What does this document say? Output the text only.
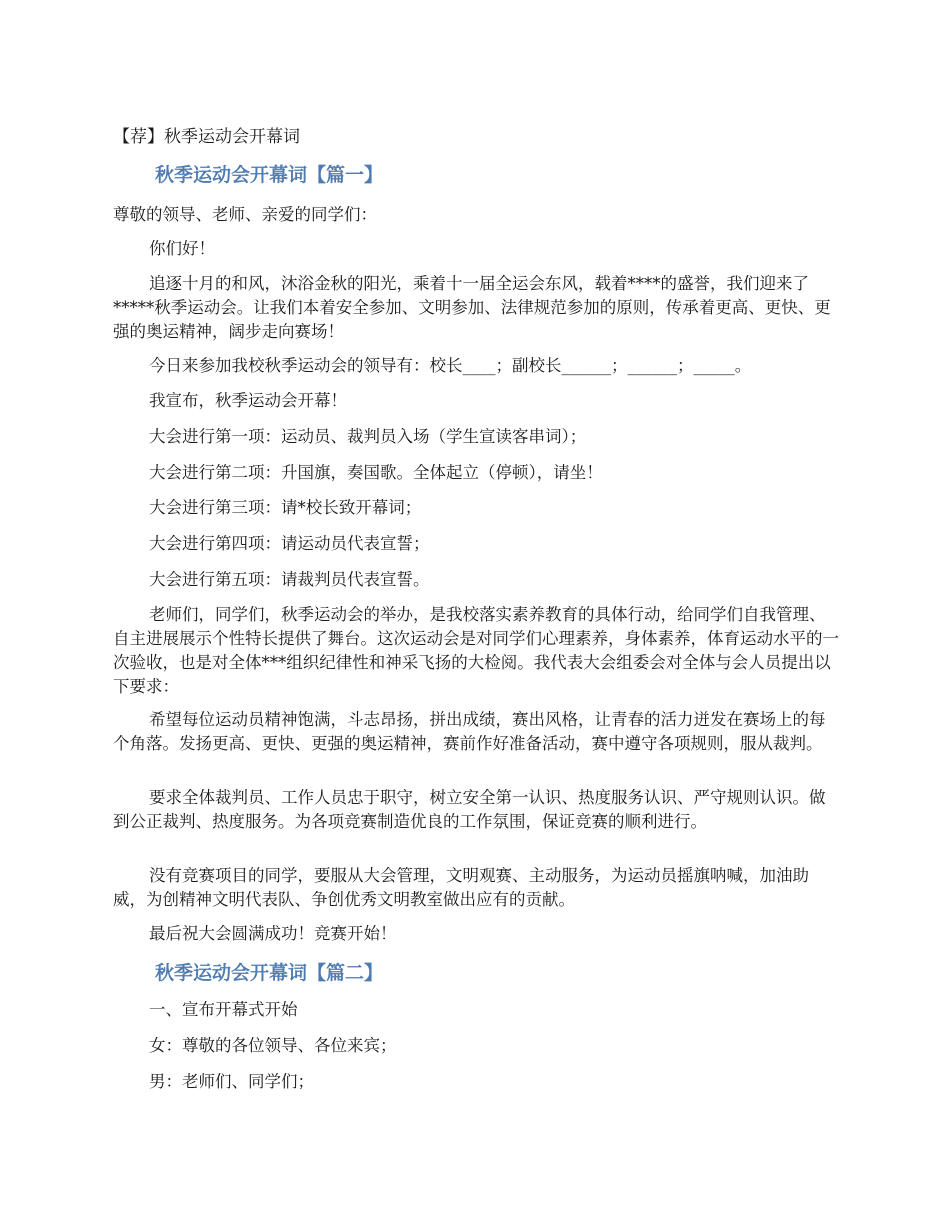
【荐】秋季运动会开幕词
秋季运动会开幕词【篇一】

尊敬的领导、老师、亲爱的同学们：

你们好！

追逐十月的和风，沐浴金秋的阳光，乘着十一届全运会东风，载着****的盛誉，我们迎来了*****秋季运动会。让我们本着安全参加、文明参加、法律规范参加的原则，传承着更高、更快、更强的奥运精神，阔步走向赛场！

今日来参加我校秋季运动会的领导有：校长____；副校长______；______；_____。

我宣布，秋季运动会开幕！

大会进行第一项：运动员、裁判员入场（学生宣读客串词）；

大会进行第二项：升国旗，奏国歌。全体起立（停顿），请坐！

大会进行第三项：请*校长致开幕词；

大会进行第四项：请运动员代表宣誓；

大会进行第五项：请裁判员代表宣誓。

老师们，同学们，秋季运动会的举办，是我校落实素养教育的具体行动，给同学们自我管理、自主进展展示个性特长提供了舞台。这次运动会是对同学们心理素养，身体素养，体育运动水平的一次验收，也是对全体***组织纪律性和神采飞扬的大检阅。我代表大会组委会对全体与会人员提出以下要求：

希望每位运动员精神饱满，斗志昂扬，拼出成绩，赛出风格，让青春的活力迸发在赛场上的每个角落。发扬更高、更快、更强的奥运精神，赛前作好准备活动，赛中遵守各项规则，服从裁判。

要求全体裁判员、工作人员忠于职守，树立安全第一认识、热度服务认识、严守规则认识。做到公正裁判、热度服务。为各项竞赛制造优良的工作氛围，保证竞赛的顺利进行。

没有竞赛项目的同学，要服从大会管理，文明观赛、主动服务，为运动员摇旗呐喊，加油助威，为创精神文明代表队、争创优秀文明教室做出应有的贡献。

最后祝大会圆满成功！竞赛开始！

秋季运动会开幕词【篇二】

一、宣布开幕式开始

女：尊敬的各位领导、各位来宾；

男：老师们、同学们；
